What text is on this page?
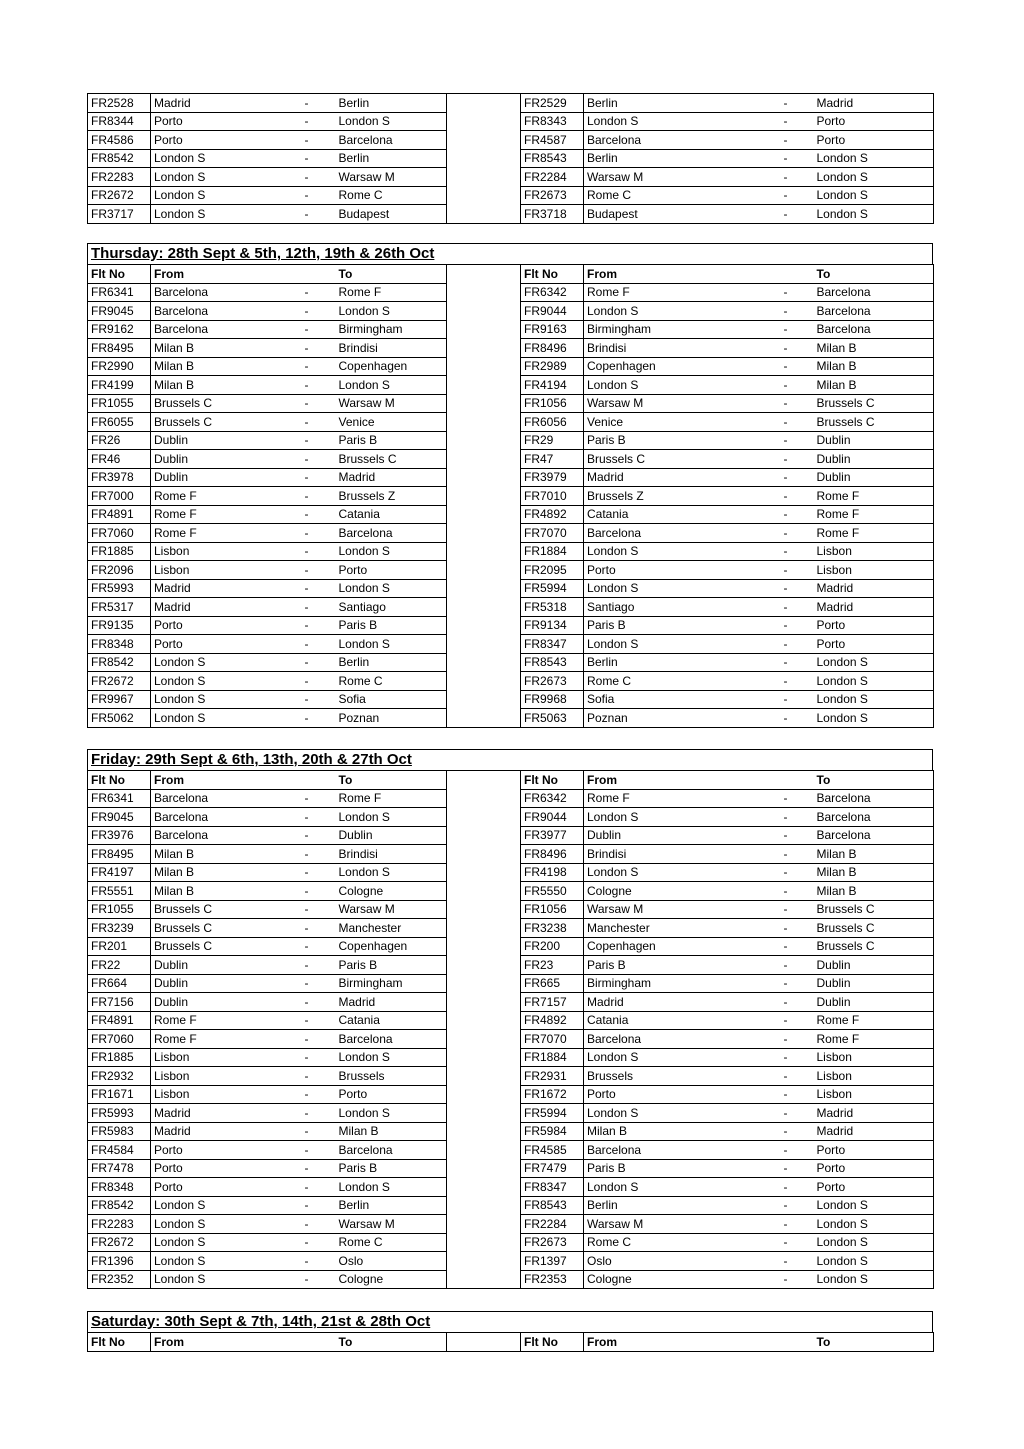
FR2528	Madrid	-	Berlin		FR2529	Berlin	-	Madrid
FR8344	Porto	-	London S		FR8343	London S	-	Porto
FR4586	Porto	-	Barcelona		FR4587	Barcelona	-	Porto
FR8542	London S	-	Berlin		FR8543	Berlin	-	London S
FR2283	London S	-	Warsaw M		FR2284	Warsaw M	-	London S
FR2672	London S	-	Rome C		FR2673	Rome C	-	London S
FR3717	London S	-	Budapest		FR3718	Budapest	-	London S
Thursday: 28th Sept & 5th, 12th, 19th & 26th Oct
Flt No	From		To		Flt No	From		To
FR6341	Barcelona	-	Rome F		FR6342	Rome F	-	Barcelona
FR9045	Barcelona	-	London S		FR9044	London S	-	Barcelona
FR9162	Barcelona	-	Birmingham		FR9163	Birmingham	-	Barcelona
FR8495	Milan B	-	Brindisi		FR8496	Brindisi	-	Milan B
FR2990	Milan B	-	Copenhagen		FR2989	Copenhagen	-	Milan B
FR4199	Milan B	-	London S		FR4194	London S	-	Milan B
FR1055	Brussels C	-	Warsaw M		FR1056	Warsaw M	-	Brussels C
FR6055	Brussels C	-	Venice		FR6056	Venice	-	Brussels C
FR26	Dublin	-	Paris B		FR29	Paris B	-	Dublin
FR46	Dublin	-	Brussels C		FR47	Brussels C	-	Dublin
FR3978	Dublin	-	Madrid		FR3979	Madrid	-	Dublin
FR7000	Rome F	-	Brussels Z		FR7010	Brussels Z	-	Rome F
FR4891	Rome F	-	Catania		FR4892	Catania	-	Rome F
FR7060	Rome F	-	Barcelona		FR7070	Barcelona	-	Rome F
FR1885	Lisbon	-	London S		FR1884	London S	-	Lisbon
FR2096	Lisbon	-	Porto		FR2095	Porto	-	Lisbon
FR5993	Madrid	-	London S		FR5994	London S	-	Madrid
FR5317	Madrid	-	Santiago		FR5318	Santiago	-	Madrid
FR9135	Porto	-	Paris B		FR9134	Paris B	-	Porto
FR8348	Porto	-	London S		FR8347	London S	-	Porto
FR8542	London S	-	Berlin		FR8543	Berlin	-	London S
FR2672	London S	-	Rome C		FR2673	Rome C	-	London S
FR9967	London S	-	Sofia		FR9968	Sofia	-	London S
FR5062	London S	-	Poznan		FR5063	Poznan	-	London S
Friday: 29th Sept & 6th, 13th, 20th & 27th Oct
Flt No	From		To		Flt No	From		To
FR6341	Barcelona	-	Rome F		FR6342	Rome F	-	Barcelona
FR9045	Barcelona	-	London S		FR9044	London S	-	Barcelona
FR3976	Barcelona	-	Dublin		FR3977	Dublin	-	Barcelona
FR8495	Milan B	-	Brindisi		FR8496	Brindisi	-	Milan B
FR4197	Milan B	-	London S		FR4198	London S	-	Milan B
FR5551	Milan B	-	Cologne		FR5550	Cologne	-	Milan B
FR1055	Brussels C	-	Warsaw M		FR1056	Warsaw M	-	Brussels C
FR3239	Brussels C	-	Manchester		FR3238	Manchester	-	Brussels C
FR201	Brussels C	-	Copenhagen		FR200	Copenhagen	-	Brussels C
FR22	Dublin	-	Paris B		FR23	Paris B	-	Dublin
FR664	Dublin	-	Birmingham		FR665	Birmingham	-	Dublin
FR7156	Dublin	-	Madrid		FR7157	Madrid	-	Dublin
FR4891	Rome F	-	Catania		FR4892	Catania	-	Rome F
FR7060	Rome F	-	Barcelona		FR7070	Barcelona	-	Rome F
FR1885	Lisbon	-	London S		FR1884	London S	-	Lisbon
FR2932	Lisbon	-	Brussels		FR2931	Brussels	-	Lisbon
FR1671	Lisbon	-	Porto		FR1672	Porto	-	Lisbon
FR5993	Madrid	-	London S		FR5994	London S	-	Madrid
FR5983	Madrid	-	Milan B		FR5984	Milan B	-	Madrid
FR4584	Porto	-	Barcelona		FR4585	Barcelona	-	Porto
FR7478	Porto	-	Paris B		FR7479	Paris B	-	Porto
FR8348	Porto	-	London S		FR8347	London S	-	Porto
FR8542	London S	-	Berlin		FR8543	Berlin	-	London S
FR2283	London S	-	Warsaw M		FR2284	Warsaw M	-	London S
FR2672	London S	-	Rome C		FR2673	Rome C	-	London S
FR1396	London S	-	Oslo		FR1397	Oslo	-	London S
FR2352	London S	-	Cologne		FR2353	Cologne	-	London S
Saturday: 30th Sept & 7th, 14th, 21st & 28th Oct
Flt No	From		To		Flt No	From		To
